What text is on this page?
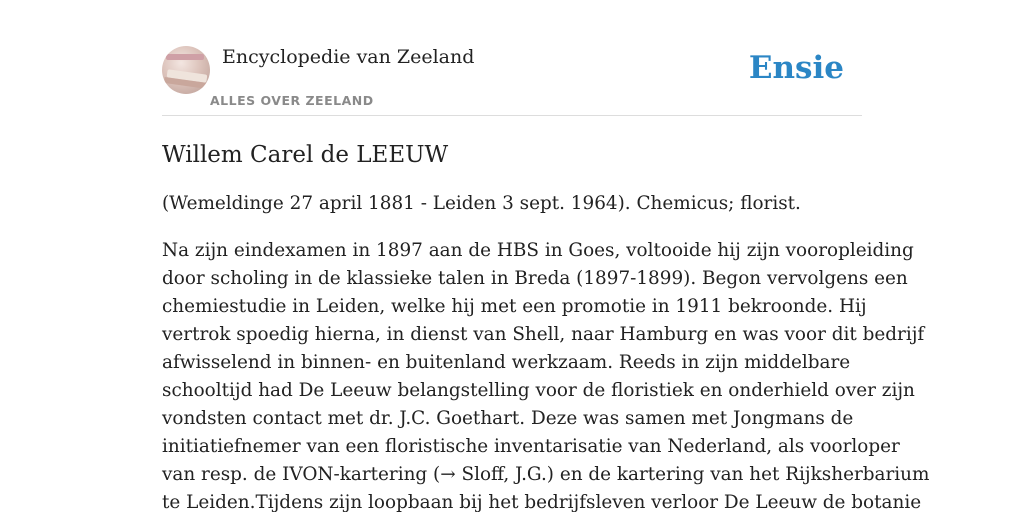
Encyclopedie van Zeeland
ALLES OVER ZEELAND
Ensie
Willem Carel de LEEUW

(Wemeldinge 27 april 1881 - Leiden 3 sept. 1964). Chemicus; florist.

Na zijn eindexamen in 1897 aan de HBS in Goes, voltooide hij zijn vooropleiding
door scholing in de klassieke talen in Breda (1897-1899). Begon vervolgens een
chemiestudie in Leiden, welke hij met een promotie in 1911 bekroonde. Hij
vertrok spoedig hierna, in dienst van Shell, naar Hamburg en was voor dit bedrijf
afwisselend in binnen- en buitenland werkzaam. Reeds in zijn middelbare
schooltijd had De Leeuw belangstelling voor de floristiek en onderhield over zijn
vondsten contact met dr. J.C. Goethart. Deze was samen met Jongmans de
initiatiefnemer van een floristische inventarisatie van Nederland, als voorloper
van resp. de IVON-kartering (→ Sloff, J.G.) en de kartering van het Rijksherbarium
te Leiden.Tijdens zijn loopbaan bij het bedrijfsleven verloor De Leeuw de botanie
